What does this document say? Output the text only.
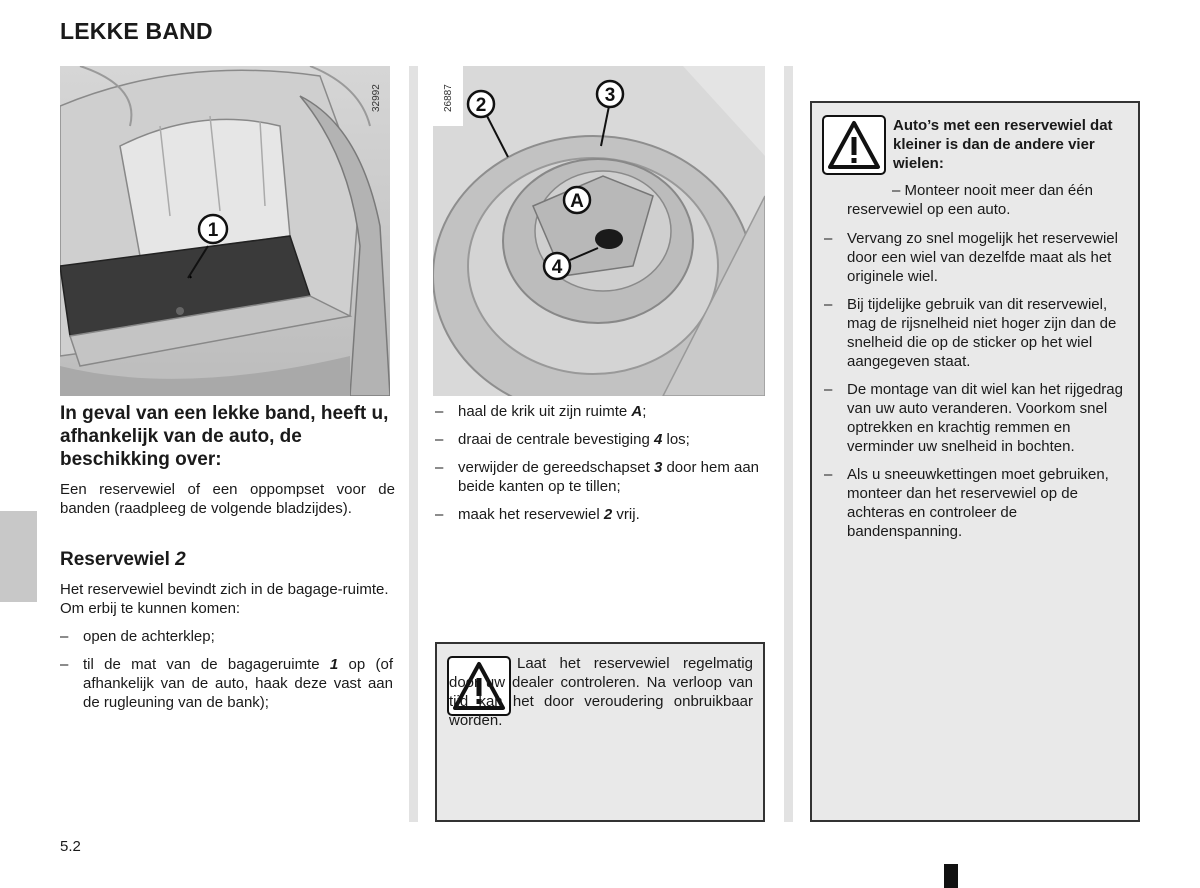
LEKKE BAND
1
32992	2	3
A
4
26887
In geval van een lekke band, heeft u, afhankelijk van de auto, de beschikking over:
Een reservewiel of een oppompset voor de banden (raadpleeg de volgende bladzijdes).
Reservewiel 2
Het reservewiel bevindt zich in de bagage-ruimte. Om erbij te kunnen komen:
– open de achterklep;
– til de mat van de bagageruimte 1 op (of afhankelijk van de auto, haak deze vast aan de rugleuning van de bank);
– haal de krik uit zijn ruimte A;
– draai de centrale bevestiging 4 los;
– verwijder de gereedschapset 3 door hem aan beide kanten op te tillen;
– maak het reservewiel 2 vrij.
Laat het reservewiel regelmatig door uw dealer controleren. Na verloop van tijd kan het door veroudering onbruikbaar worden.
Auto’s met een reservewiel dat kleiner is dan de andere vier wielen:
– Monteer nooit meer dan één reservewiel op een auto.
– Vervang zo snel mogelijk het reservewiel door een wiel van dezelfde maat als het originele wiel.
– Bij tijdelijke gebruik van dit reservewiel, mag de rijsnelheid niet hoger zijn dan de snelheid die op de sticker op het wiel aangegeven staat.
– De montage van dit wiel kan het rijgedrag van uw auto veranderen. Voorkom snel optrekken en krachtig remmen en verminder uw snelheid in bochten.
– Als u sneeuwkettingen moet gebruiken, monteer dan het reservewiel op de achteras en controleer de bandenspanning.
5.2
